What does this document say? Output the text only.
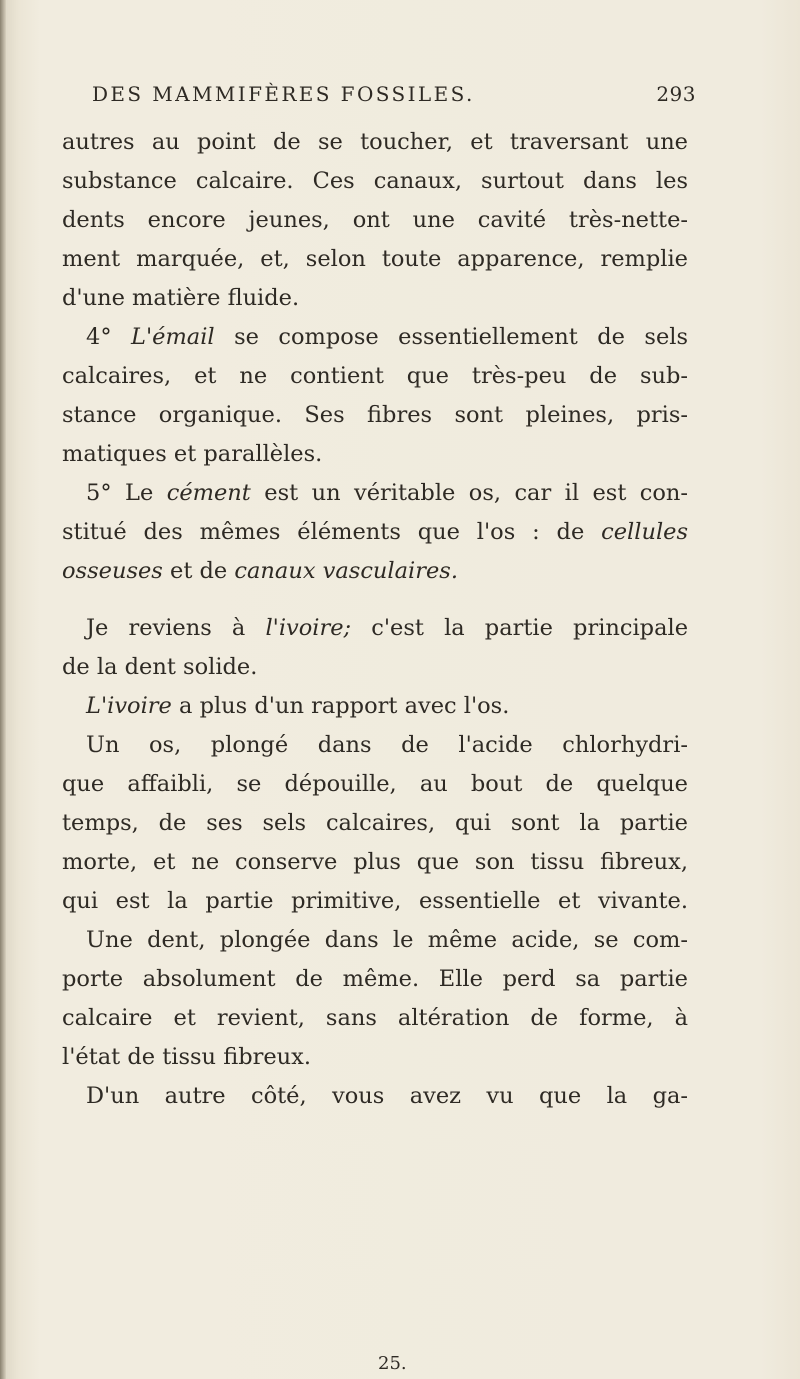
DES MAMMIFÈRES FOSSILES.	293
autres au point de se toucher, et traversant une
substance calcaire. Ces canaux, surtout dans les
dents encore jeunes, ont une cavité très-nette-
ment marquée, et, selon toute apparence, remplie
d'une matière fluide.
4° L'émail se compose essentiellement de sels
calcaires, et ne contient que très-peu de sub-
stance organique. Ses fibres sont pleines, pris-
matiques et parallèles.
5° Le cément est un véritable os, car il est con-
stitué des mêmes éléments que l'os : de cellules
osseuses et de canaux vasculaires.
Je reviens à l'ivoire; c'est la partie principale
de la dent solide.
L'ivoire a plus d'un rapport avec l'os.
Un os, plongé dans de l'acide chlorhydri-
que affaibli, se dépouille, au bout de quelque
temps, de ses sels calcaires, qui sont la partie
morte, et ne conserve plus que son tissu fibreux,
qui est la partie primitive, essentielle et vivante.
Une dent, plongée dans le même acide, se com-
porte absolument de même. Elle perd sa partie
calcaire et revient, sans altération de forme, à
l'état de tissu fibreux.
D'un autre côté, vous avez vu que la ga-
25.
